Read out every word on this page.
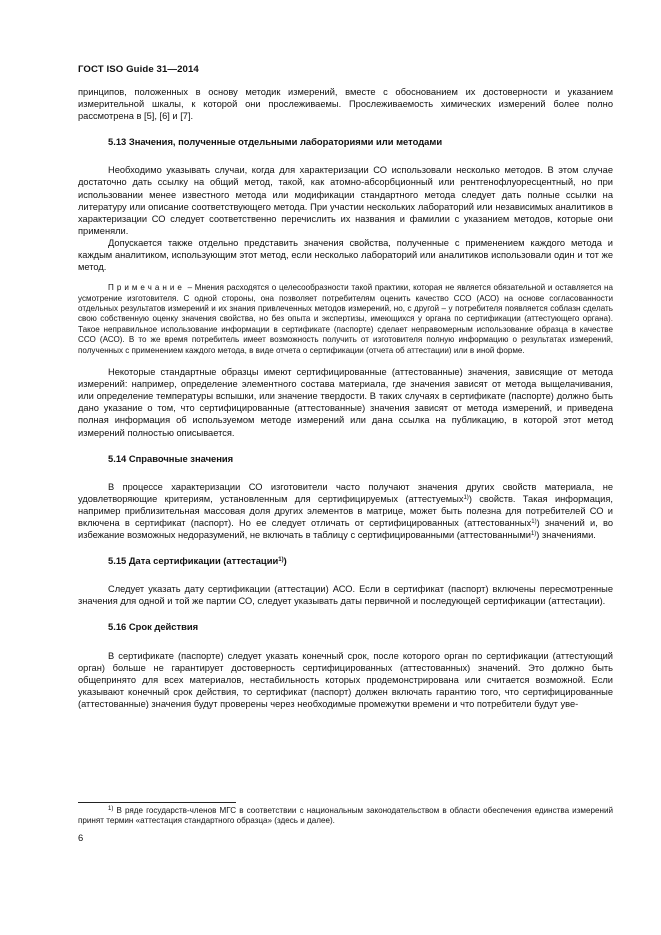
ГОСТ ISO Guide 31—2014

принципов, положенных в основу методик измерений, вместе с обоснованием их достоверности и указанием измерительной шкалы, к которой они прослеживаемы. Прослеживаемость химических измерений более полно рассмотрена в [5], [6] и [7].

5.13 Значения, полученные отдельными лабораториями или методами

Необходимо указывать случаи, когда для характеризации СО использовали несколько методов. В этом случае достаточно дать ссылку на общий метод, такой, как атомно-абсорбционный или рентгенофлуоресцентный, но при использовании менее известного метода или модификации стандартного метода следует дать полные ссылки на литературу или описание соответствующего метода. При участии нескольких лабораторий или независимых аналитиков в характеризации СО следует соответственно перечислить их названия и фамилии с указанием методов, которые они применяли.

Допускается также отдельно представить значения свойства, полученные с применением каждого метода и каждым аналитиком, использующим этот метод, если несколько лабораторий или аналитиков использовали один и тот же метод.

Примечание – Мнения расходятся о целесообразности такой практики, которая не является обязательной и оставляется на усмотрение изготовителя. С одной стороны, она позволяет потребителям оценить качество ССО (АСО) на основе согласованности отдельных результатов измерений и их знания привлеченных методов измерений, но, с другой – у потребителя появляется соблазн сделать свою собственную оценку значения свойства, но без опыта и экспертизы, имеющихся у органа по сертификации (аттестующего органа). Такое неправильное использование информации в сертификате (паспорте) сделает неправомерным использование образца в качестве ССО (АСО). В то же время потребитель имеет возможность получить от изготовителя полную информацию о результатах измерений, полученных с применением каждого метода, в виде отчета о сертификации (отчета об аттестации) или в иной форме.

Некоторые стандартные образцы имеют сертифицированные (аттестованные) значения, зависящие от метода измерений: например, определение элементного состава материала, где значения зависят от метода выщелачивания, или определение температуры вспышки, или значение твердости. В таких случаях в сертификате (паспорте) должно быть дано указание о том, что сертифицированные (аттестованные) значения зависят от метода измерений, и приведена полная информация об используемом методе измерений или дана ссылка на публикацию, в которой этот метод измерений полностью описывается.

5.14 Справочные значения

В процессе характеризации СО изготовители часто получают значения других свойств материала, не удовлетворяющие критериям, установленным для сертифицируемых (аттестуемых$^{1)}$) свойств. Такая информация, например приблизительная массовая доля других элементов в матрице, может быть полезна для потребителей СО и включена в сертификат (паспорт). Но ее следует отличать от сертифицированных (аттестованных$^{1)}$) значений и, во избежание возможных недоразумений, не включать в таблицу с сертифицированными (аттестованными$^{1)}$) значениями.

5.15 Дата сертификации (аттестации$^{1)}$)

Следует указать дату сертификации (аттестации) АСО. Если в сертификат (паспорт) включены пересмотренные значения для одной и той же партии СО, следует указывать даты первичной и последующей сертификации (аттестации).

5.16 Срок действия

В сертификате (паспорте) следует указать конечный срок, после которого орган по сертификации (аттестующий орган) больше не гарантирует достоверность сертифицированных (аттестованных) значений. Это должно быть общепринято для всех материалов, нестабильность которых продемонстрирована или считается возможной. Если указывают конечный срок действия, то сертификат (паспорт) должен включать гарантию того, что сертифицированные (аттестованные) значения будут проверены через необходимые промежутки времени и что потребители будут уве-

$^{1)}$ В ряде государств-членов МГС в соответствии с национальным законодательством в области обеспечения единства измерений принят термин «аттестация стандартного образца» (здесь и далее).

6
